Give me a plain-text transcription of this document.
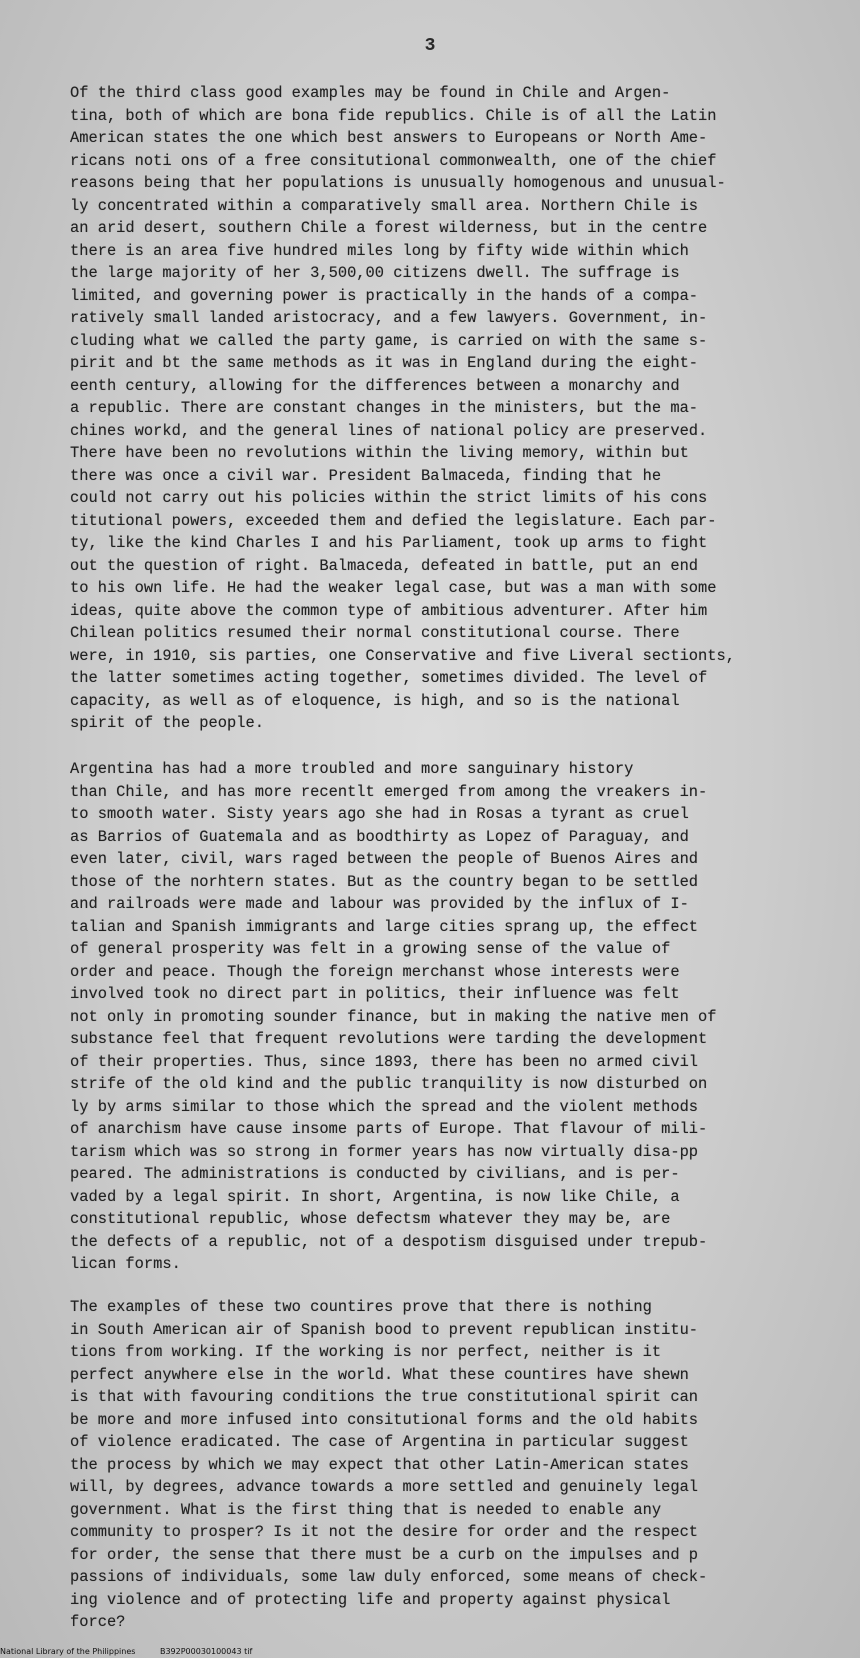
3
Of the third class good examples may be found in Chile and Argen-
tina, both of which are bona fide republics. Chile is of all the Latin
American states the one which best answers to Europeans or North Ame-
ricans noti ons of a free consitutional commonwealth, one of the chief
reasons being that her populations is unusually homogenous and unusual-
ly concentrated within a comparatively small area. Northern Chile is
an arid desert, southern Chile a forest wilderness, but in the centre
there is an area five hundred miles long by fifty wide within which
the large majority of her 3,500,00 citizens dwell. The suffrage is
limited, and governing power is practically in the hands of a compa-
ratively small landed aristocracy, and a few lawyers. Government, in-
cluding what we called the party game, is carried on with the same s-
pirit and bt the same methods as it was in England during the eight-
eenth century, allowing for the differences between a monarchy and
a republic. There are constant changes in the ministers, but the ma-
chines workd, and the general lines of national policy are preserved.
There have been no revolutions within the living memory, within but
there was once a civil war. President Balmaceda, finding that he
could not carry out his policies within the strict limits of his cons
titutional powers, exceeded them and defied the legislature. Each par-
ty, like the kind Charles I and his Parliament, took up arms to fight
out the question of right. Balmaceda, defeated in battle, put an end
to his own life. He had the weaker legal case, but was a man with some
ideas, quite above the common type of ambitious adventurer. After him
Chilean politics resumed their normal constitutional course. There
were, in 1910, sis parties, one Conservative and five Liveral sectionts,
the latter sometimes acting together, sometimes divided. The level of
capacity, as well as of eloquence, is high, and so is the national
spirit of the people.
Argentina has had a more troubled and more sanguinary history
than Chile, and has more recentlt emerged from among the vreakers in-
to smooth water. Sisty years ago she had in Rosas a tyrant as cruel
as Barrios of Guatemala and as boodthirty as Lopez of Paraguay, and
even later, civil, wars raged between the people of Buenos Aires and
those of the norhtern states. But as the country began to be settled
and railroads were made and labour was provided by the influx of I-
talian and Spanish immigrants and large cities sprang up, the effect
of general prosperity was felt in a growing sense of the value of
order and peace. Though the foreign merchanst whose interests were
involved took no direct part in politics, their influence was felt
not only in promoting sounder finance, but in making the native men of
substance feel that frequent revolutions were tarding the development
of their properties. Thus, since 1893, there has been no armed civil
strife of the old kind and the public tranquility is now disturbed on
ly by arms similar to those which the spread and the violent methods
of anarchism have cause insome parts of Europe. That flavour of mili-
tarism which was so strong in former years has now virtually disa-pp
peared. The administrations is conducted by civilians, and is per-
vaded by a legal spirit. In short, Argentina, is now like Chile, a
constitutional republic, whose defectsm whatever they may be, are
the defects of a republic, not of a despotism disguised under trepub-
lican forms.
The examples of these two countires prove that there is nothing
in South American air of Spanish bood to prevent republican institu-
tions from working. If the working is nor perfect, neither is it
perfect anywhere else in the world. What these countires have shewn
is that with favouring conditions the true constitutional spirit can
be more and more infused into consitutional forms and the old habits
of violence eradicated. The case of Argentina in particular suggest
the process by which we may expect that other Latin-American states
will, by degrees, advance towards a more settled and genuinely legal
government. What is the first thing that is needed to enable any
community to prosper? Is it not the desire for order and the respect
for order, the sense that there must be a curb on the impulses and p
passions of individuals, some law duly enforced, some means of check-
ing violence and of protecting life and property against physical
force?
National Library of the Philippines	B392P00030100043 tif
